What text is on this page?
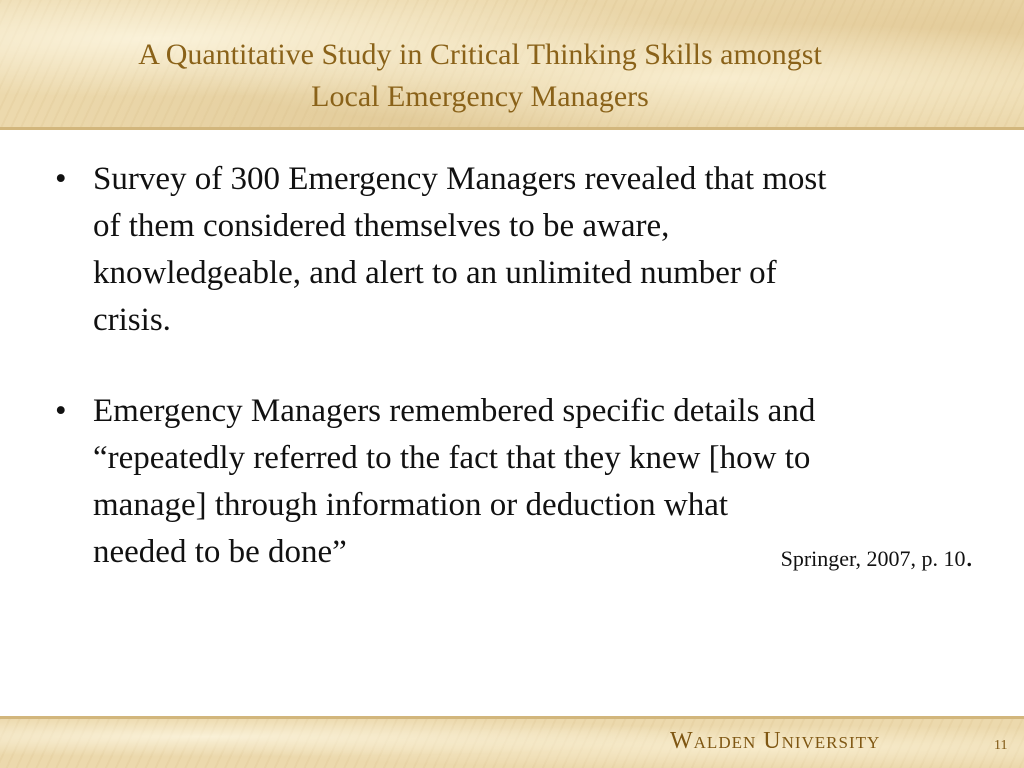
A Quantitative Study in Critical Thinking Skills amongst
Local Emergency Managers
• Survey of 300 Emergency Managers revealed that most
of them considered themselves to be aware,
knowledgeable, and alert to an unlimited number of
crisis.
• Emergency Managers remembered specific details and
“repeatedly referred to the fact that they knew [how to
manage] through information or deduction what
needed to be done”	Springer, 2007, p. 10.
Walden University	11
